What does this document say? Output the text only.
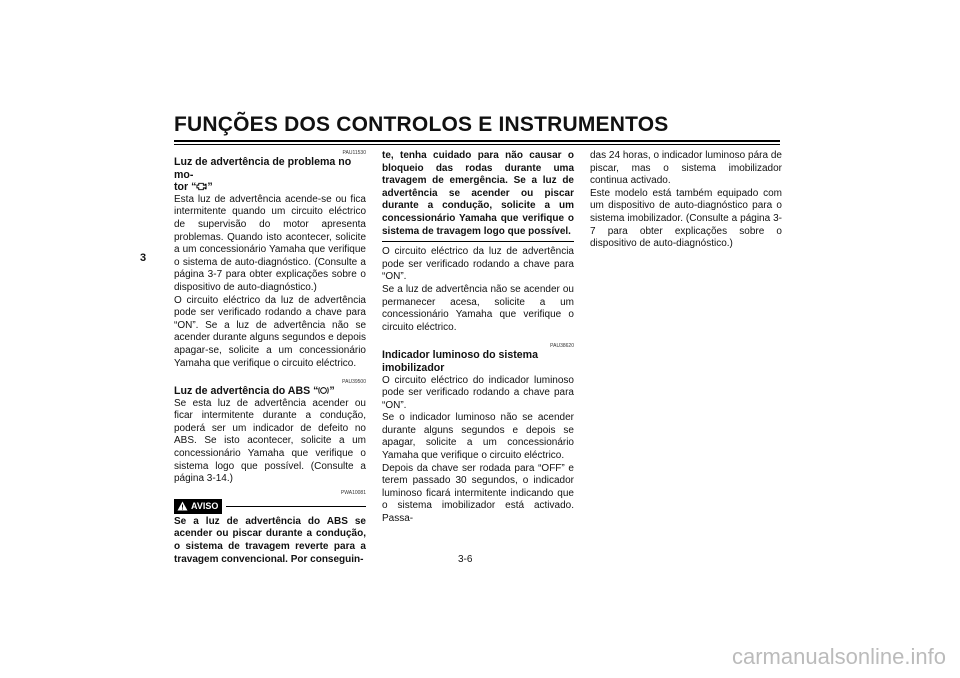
FUNÇÕES DOS CONTROLOS E INSTRUMENTOS
3
PAU11530
Luz de advertência de problema no mo-
tor “ ”
Esta luz de advertência acende-se ou fica intermitente quando um circuito eléctrico de supervisão do motor apresenta problemas. Quando isto acontecer, solicite a um concessionário Yamaha que verifique o sistema de auto-diagnóstico. (Consulte a página 3-7 para obter explicações sobre o dispositivo de auto-diagnóstico.)
O circuito eléctrico da luz de advertência pode ser verificado rodando a chave para “ON”. Se a luz de advertência não se acender durante alguns segundos e depois apagar-se, solicite a um concessionário Yamaha que verifique o circuito eléctrico.
PAU39500
Luz de advertência do ABS “ ”
Se esta luz de advertência acender ou ficar intermitente durante a condução, poderá ser um indicador de defeito no ABS. Se isto acontecer, solicite a um concessionário Yamaha que verifique o sistema logo que possível. (Consulte a página 3-14.)
PWA10081
AVISO
Se a luz de advertência do ABS se acender ou piscar durante a condução, o sistema de travagem reverte para a travagem convencional. Por conseguin-
te, tenha cuidado para não causar o bloqueio das rodas durante uma travagem de emergência. Se a luz de advertência se acender ou piscar durante a condução, solicite a um concessionário Yamaha que verifique o sistema de travagem logo que possível.
O circuito eléctrico da luz de advertência pode ser verificado rodando a chave para “ON”.
Se a luz de advertência não se acender ou permanecer acesa, solicite a um concessionário Yamaha que verifique o circuito eléctrico.
PAU38620
Indicador luminoso do sistema imobilizador
O circuito eléctrico do indicador luminoso pode ser verificado rodando a chave para “ON”.
Se o indicador luminoso não se acender durante alguns segundos e depois se apagar, solicite a um concessionário Yamaha que verifique o circuito eléctrico.
Depois da chave ser rodada para “OFF” e terem passado 30 segundos, o indicador luminoso ficará intermitente indicando que o sistema imobilizador está activado. Passa-
das 24 horas, o indicador luminoso pára de piscar, mas o sistema imobilizador continua activado.
Este modelo está também equipado com um dispositivo de auto-diagnóstico para o sistema imobilizador. (Consulte a página 3-7 para obter explicações sobre o dispositivo de auto-diagnóstico.)
3-6
carmanualsonline.info
